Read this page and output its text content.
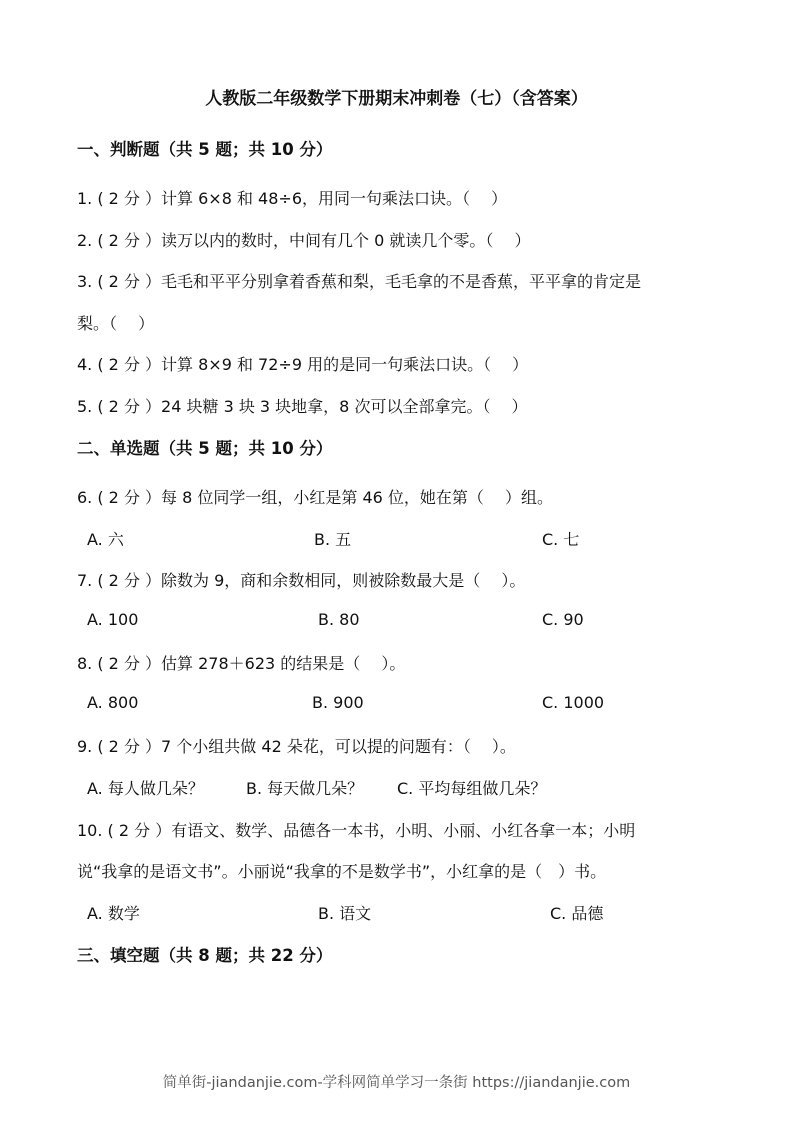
人教版二年级数学下册期末冲刺卷（七）（含答案）
一、判断题（共 5 题；共 10 分）
1. ( 2 分 ）计算 6×8 和 48÷6，用同一句乘法口诀。（　 ）
2. ( 2 分 ）读万以内的数时，中间有几个 0 就读几个零。（　 ）
3. ( 2 分 ）毛毛和平平分别拿着香蕉和梨，毛毛拿的不是香蕉，平平拿的肯定是
梨。（　 ）
4. ( 2 分 ）计算 8×9 和 72÷9 用的是同一句乘法口诀。（　 ）
5. ( 2 分 ）24 块糖 3 块 3 块地拿，8 次可以全部拿完。（　 ）
二、单选题（共 5 题；共 10 分）
6. ( 2 分 ）每 8 位同学一组，小红是第 46 位，她在第（　 ）组。
A. 六	B. 五	C. 七
7. ( 2 分 ）除数为 9，商和余数相同，则被除数最大是（　 ）。
A. 100	B. 80	C. 90
8. ( 2 分 ）估算 278＋623 的结果是（　 ）。
A. 800	B. 900	C. 1000
9. ( 2 分 ）7 个小组共做 42 朵花，可以提的问题有：（　 ）。
A. 每人做几朵？	B. 每天做几朵？ C. 平均每组做几朵？
10. ( 2 分 ）有语文、数学、品德各一本书，小明、小丽、小红各拿一本；小明
说“我拿的是语文书”。小丽说“我拿的不是数学书”，小红拿的是（　）书。
A. 数学	B. 语文	C. 品德
三、填空题（共 8 题；共 22 分）
简单街-jiandanjie.com-学科网简单学习一条街 https://jiandanjie.com
